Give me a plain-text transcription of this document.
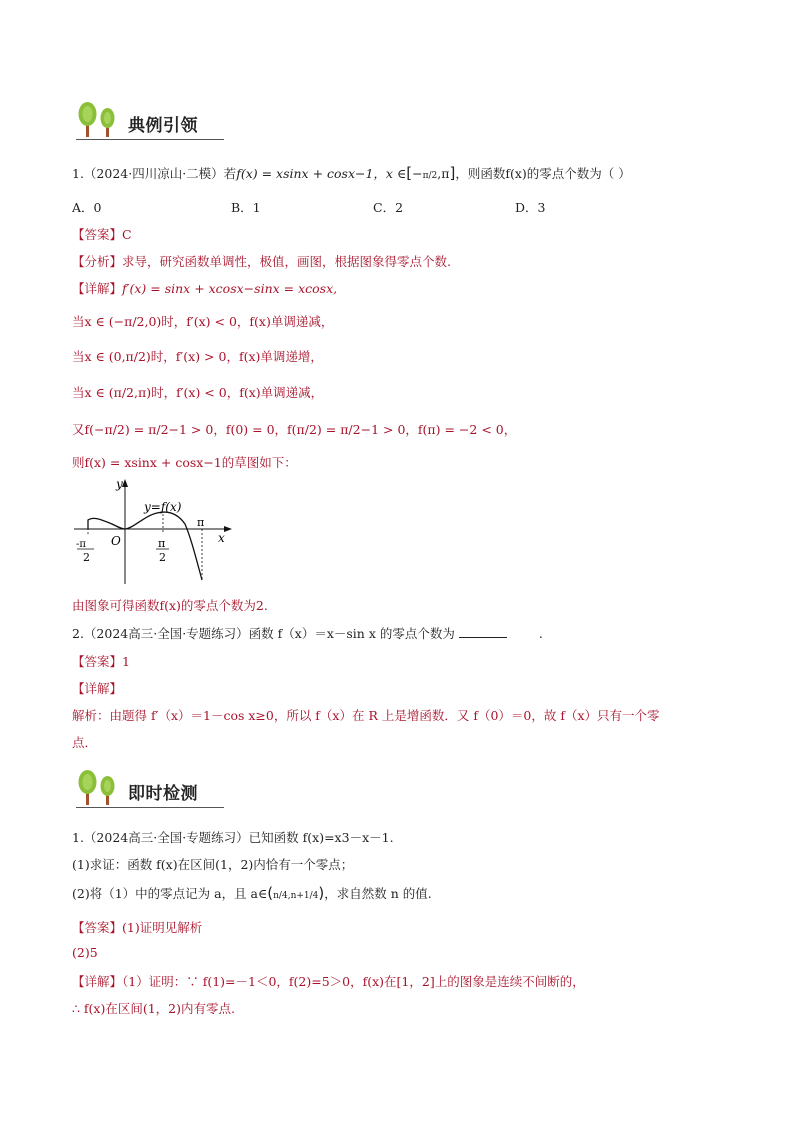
典例引领
1.（2024·四川凉山·二模）若f(x) = xsinx + cosx−1，x ∈[−π/2,π]，则函数f(x)的零点个数为（ ）
A．0	B．1	C．2	D．3
【答案】C
【分析】求导，研究函数单调性，极值，画图，根据图象得零点个数.
【详解】f′(x) = sinx + xcosx−sinx = xcosx,
当x ∈ (−π/2,0)时，f′(x) < 0，f(x)单调递减，
当x ∈ (0,π/2)时，f′(x) > 0，f(x)单调递增，
当x ∈ (π/2,π)时，f′(x) < 0，f(x)单调递减，
又f(−π/2) = π/2−1 > 0，f(0) = 0，f(π/2) = π/2−1 > 0，f(π) = −2 < 0，
则f(x) = xsinx + cosx−1的草图如下：
y
x
O
y=f(x)
π
-π
2
π
2
由图象可得函数f(x)的零点个数为2.
2.（2024高三·全国·专题练习）函数 f（x）＝x－sin x 的零点个数为	.
【答案】1
【详解】
解析：由题得 f′（x）＝1－cos x≥0，所以 f（x）在 R 上是增函数．又 f（0）＝0，故 f（x）只有一个零
点．
即时检测
1.（2024高三·全国·专题练习）已知函数 f(x)=x3－x－1.
(1)求证：函数 f(x)在区间(1，2)内恰有一个零点；
(2)将（1）中的零点记为 a，且 a∈(n/4,n+1/4)，求自然数 n 的值.
【答案】(1)证明见解析
(2)5
【详解】（1）证明：∵ f(1)=－1＜0，f(2)=5＞0，f(x)在[1，2]上的图象是连续不间断的，
∴ f(x)在区间(1，2)内有零点.
